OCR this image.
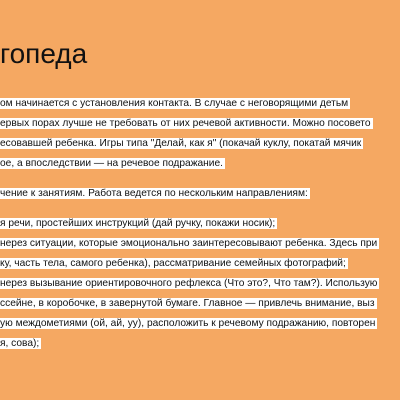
гопеда
ом начинается с установления контакта. В случае с неговорящими детьм
ервых порах лучше не требовать от них речевой активности. Можно посовето
есовавшей ребенка. Игры типа "Делай, как я" (покачай куклу, покатай мячик
ое, а впоследствии — на речевое подражание.
чение к занятиям. Работа ведется по нескольким направлениям:
я речи, простейших инструкций (дай ручку, покажи носик);
нерез ситуации, которые эмоционально заинтересовывают ребенка. Здесь при
ку, часть тела, самого ребенка), рассматривание семейных фотографий;
нерез вызывание ориентировочного рефлекса (Что это?, Что там?). Использую
ссейне, в коробочке, в завернутой бумаге. Главное — привлечь внимание, выз
ую междометиями (ой, ай, уу), расположить к речевому подражанию, повторен
я, сова);
